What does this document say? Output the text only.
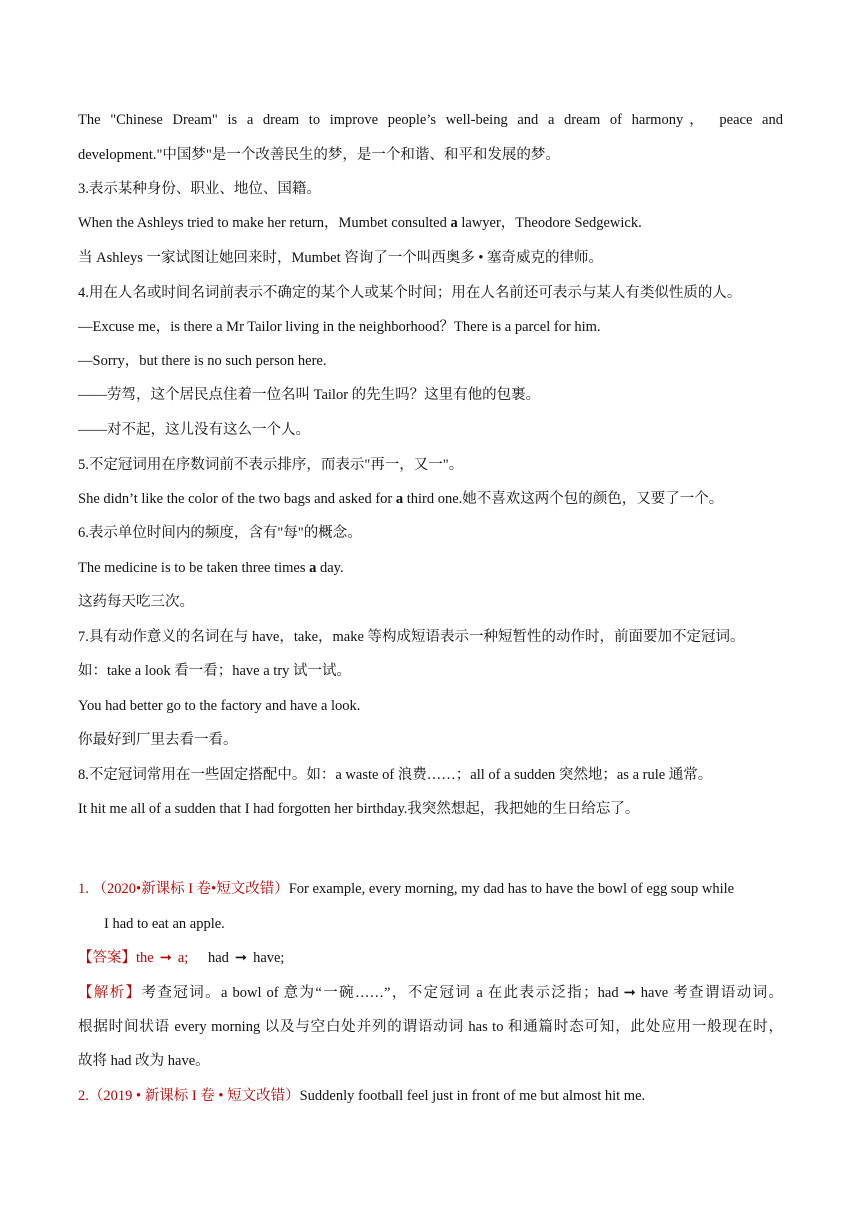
The "Chinese Dream" is a dream to improve people’s well-being and a dream of harmony， peace and
development."中国梦"是一个改善民生的梦，是一个和谐、和平和发展的梦。
3.表示某种身份、职业、地位、国籍。
When the Ashleys tried to make her return，Mumbet consulted a lawyer，Theodore Sedgewick.
当 Ashleys 一家试图让她回来时，Mumbet 咨询了一个叫西奥多 • 塞奇威克的律师。
4.用在人名或时间名词前表示不确定的某个人或某个时间；用在人名前还可表示与某人有类似性质的人。
—Excuse me，is there a Mr Tailor living in the neighborhood？There is a parcel for him.
—Sorry，but there is no such person here.
——劳驾，这个居民点住着一位名叫 Tailor 的先生吗？这里有他的包裹。
——对不起，这儿没有这么一个人。
5.不定冠词用在序数词前不表示排序，而表示"再一，又一"。
She didn’t like the color of the two bags and asked for a third one.她不喜欢这两个包的颜色，又要了一个。
6.表示单位时间内的频度，含有"每"的概念。
The medicine is to be taken three times a day.
这药每天吃三次。
7.具有动作意义的名词在与 have，take，make 等构成短语表示一种短暂性的动作时，前面要加不定冠词。
如：take a look 看一看；have a try 试一试。
You had better go to the factory and have a look.
你最好到厂里去看一看。
8.不定冠词常用在一些固定搭配中。如：a waste of 浪费……；all of a sudden 突然地；as a rule 通常。
It hit me all of a sudden that I had forgotten her birthday.我突然想起，我把她的生日给忘了。
1. （2020•新课标 I 卷•短文改错）For example, every morning, my dad has to have the bowl of egg soup while
I had to eat an apple.
【答案】the ➞ a; had ➞ have;
【解析】考查冠词。a bowl of 意为“一碗……”，不定冠词 a 在此表示泛指；had ➞ have 考查谓语动词。
根据时间状语 every morning 以及与空白处并列的谓语动词 has to 和通篇时态可知，此处应用一般现在时，
故将 had 改为 have。
2.（2019 • 新课标 I 卷 • 短文改错）Suddenly football feel just in front of me but almost hit me.
